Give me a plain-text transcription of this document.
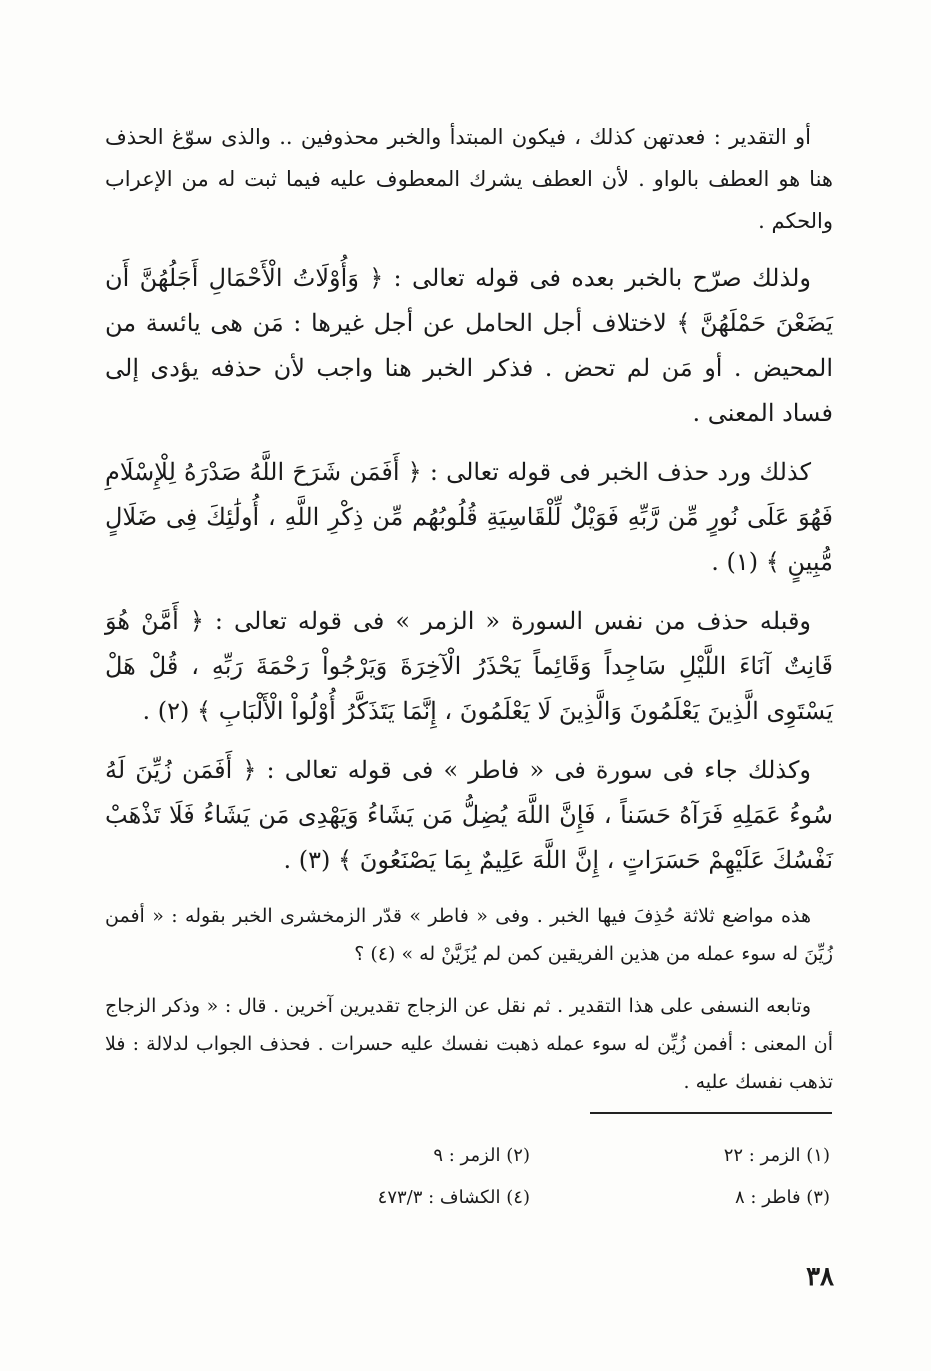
أو التقدير : فعدتهن كذلك ، فيكون المبتدأ والخبر محذوفين .. والذى سوّغ الحذف هنا هو العطف بالواو . لأن العطف يشرك المعطوف عليه فيما ثبت له من الإعراب والحكم .

ولذلك صرّح بالخبر بعده فى قوله تعالى : ﴿ وَأُوْلَاتُ الْأَحْمَالِ أَجَلُهُنَّ أَن يَضَعْنَ حَمْلَهُنَّ ﴾ لاختلاف أجل الحامل عن أجل غيرها : مَن هى يائسة من المحيض . أو مَن لم تحض . فذكر الخبر هنا واجب لأن حذفه يؤدى إلى فساد المعنى .

كذلك ورد حذف الخبر فى قوله تعالى : ﴿ أَفَمَن شَرَحَ اللَّهُ صَدْرَهُ لِلْإِسْلَامِ فَهُوَ عَلَى نُورٍ مِّن رَّبِّهِ فَوَيْلٌ لِّلْقَاسِيَةِ قُلُوبُهُم مِّن ذِكْرِ اللَّهِ ، أُولَٰئِكَ فِى ضَلَالٍ مُّبِينٍ ﴾ (١) .

وقبله حذف من نفس السورة « الزمر » فى قوله تعالى : ﴿ أَمَّنْ هُوَ قَانِتٌ آنَاءَ اللَّيْلِ سَاجِداً وَقَائِماً يَحْذَرُ الْآخِرَةَ وَيَرْجُواْ رَحْمَةَ رَبِّهِ ، قُلْ هَلْ يَسْتَوِى الَّذِينَ يَعْلَمُونَ وَالَّذِينَ لَا يَعْلَمُونَ ، إِنَّمَا يَتَذَكَّرُ أُوْلُواْ الْأَلْبَابِ ﴾ (٢) .

وكذلك جاء فى سورة فى « فاطر » فى قوله تعالى : ﴿ أَفَمَن زُيِّنَ لَهُ سُوءُ عَمَلِهِ فَرَآهُ حَسَناً ، فَإِنَّ اللَّهَ يُضِلُّ مَن يَشَاءُ وَيَهْدِى مَن يَشَاءُ فَلَا تَذْهَبْ نَفْسُكَ عَلَيْهِمْ حَسَرَاتٍ ، إِنَّ اللَّهَ عَلِيمٌ بِمَا يَصْنَعُونَ ﴾ (٣) .

هذه مواضع ثلاثة حُذِفَ فيها الخبر . وفى « فاطر » قدّر الزمخشرى الخبر بقوله : « أفمن زُيِّنَ له سوء عمله من هذين الفريقين كمن لم يُزَيَّنْ له » (٤) ؟

وتابعه النسفى على هذا التقدير . ثم نقل عن الزجاج تقديرين آخرين . قال : « وذكر الزجاج أن المعنى : أفمن زُيِّن له سوء عمله ذهبت نفسك عليه حسرات . فحذف الجواب لدلالة : فلا تذهب نفسك عليه .

(١) الزمر : ٢٢
(٢) الزمر : ٩
(٣) فاطر : ٨
(٤) الكشاف : ٤٧٣/٣
٣٨
